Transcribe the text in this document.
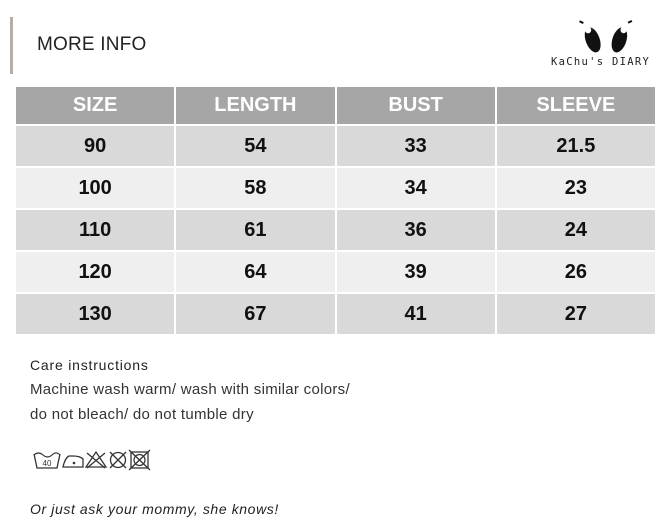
MORE INFO
KaChu's DIARY
SIZE	LENGTH	BUST	SLEEVE
90	54	33	21.5
100	58	34	23
110	61	36	24
120	64	39	26
130	67	41	27
Care instructions
Machine wash warm/ wash with similar colors/
do not bleach/ do not tumble dry
40
Or just ask your mommy, she knows!
